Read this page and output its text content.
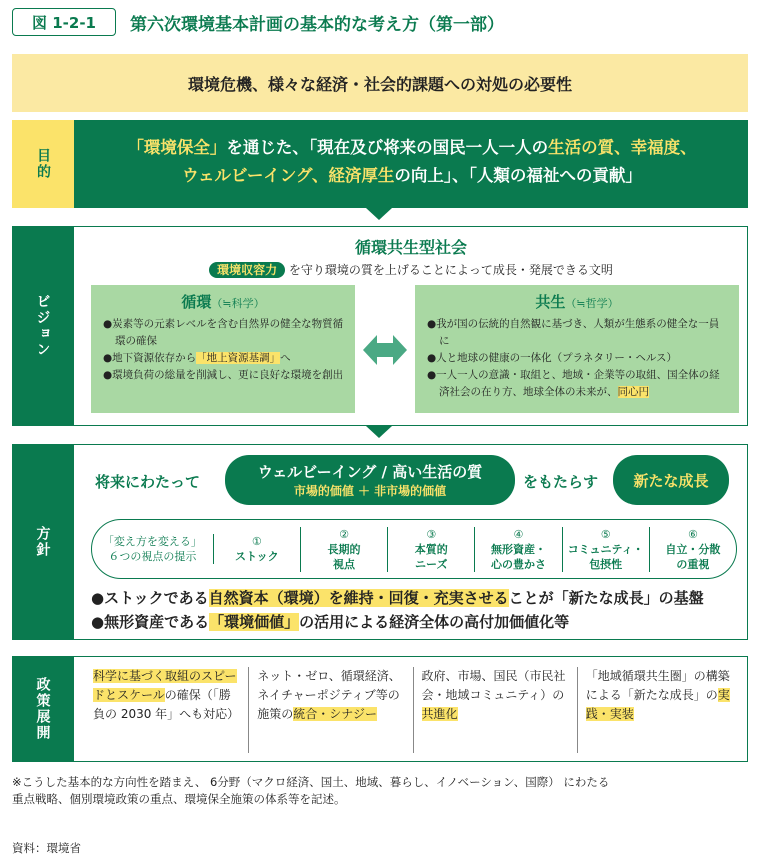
図 1-2-1	第六次環境基本計画の基本的な考え方（第一部）
環境危機、様々な経済・社会的課題への対処の必要性
目的
「環境保全」を通じた、「現在及び将来の国民一人一人の生活の質、幸福度、
ウェルビーイング、経済厚生の向上」、「人類の福祉への貢献」
ビジョン
循環共生型社会
環境収容力 を守り環境の質を上げることによって成長・発展できる文明
循環（≒科学）
●炭素等の元素レベルを含む自然界の健全な物質循環の確保
●地下資源依存から「地上資源基調」へ
●環境負荷の総量を削減し、更に良好な環境を創出
共生（≒哲学）
●我が国の伝統的自然観に基づき、人類が生態系の健全な一員に
●人と地球の健康の一体化（プラネタリー・ヘルス）
●一人一人の意識・取組と、地域・企業等の取組、国全体の経済社会の在り方、地球全体の未来が、同心円
方針
将来にわたって
ウェルビーイング / 高い生活の質
市場的価値 ＋ 非市場的価値	をもたらす	新たな成長
「変え方を変える」
６つの視点の提示
①
ストック
②
長期的
視点
③
本質的
ニーズ
④
無形資産・
心の豊かさ
⑤
コミュニティ・
包摂性
⑥
自立・分散
の重視
●ストックである自然資本（環境）を維持・回復・充実させることが「新たな成長」の基盤
●無形資産である「環境価値」の活用による経済全体の高付加価値化等
政策展開
科学に基づく取組のスピードとスケールの確保（「勝負の 2030 年」へも対応）
ネット・ゼロ、循環経済、ネイチャーポジティブ等の施策の統合・シナジー
政府、市場、国民（市民社会・地域コミュニティ）の共進化
「地域循環共生圏」の構築による「新たな成長」の実践・実装
※こうした基本的な方向性を踏まえ、 6分野（マクロ経済、国土、地域、暮らし、イノベーション、国際） にわたる
重点戦略、個別環境政策の重点、環境保全施策の体系等を記述。
資料：環境省
